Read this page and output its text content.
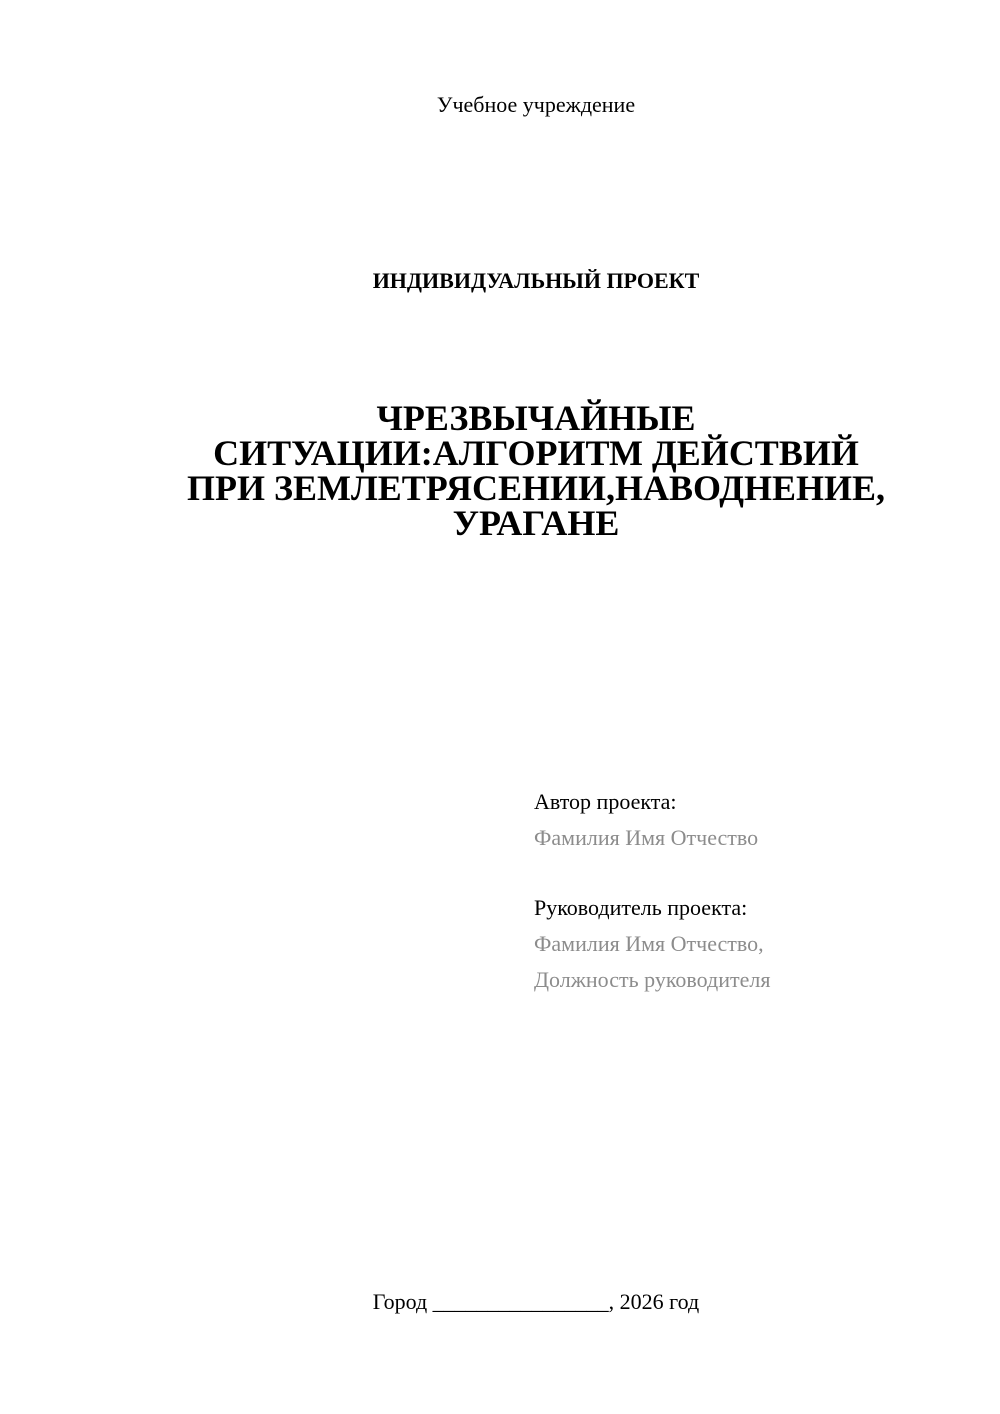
Учебное учреждение
ИНДИВИДУАЛЬНЫЙ ПРОЕКТ
ЧРЕЗВЫЧАЙНЫЕ
СИТУАЦИИ:АЛГОРИТМ ДЕЙСТВИЙ
ПРИ ЗЕМЛЕТРЯСЕНИИ,НАВОДНЕНИЕ,
УРАГАНЕ
Автор проекта:
Фамилия Имя Отчество
Руководитель проекта:
Фамилия Имя Отчество,
Должность руководителя
Город ________________, 2026 год
